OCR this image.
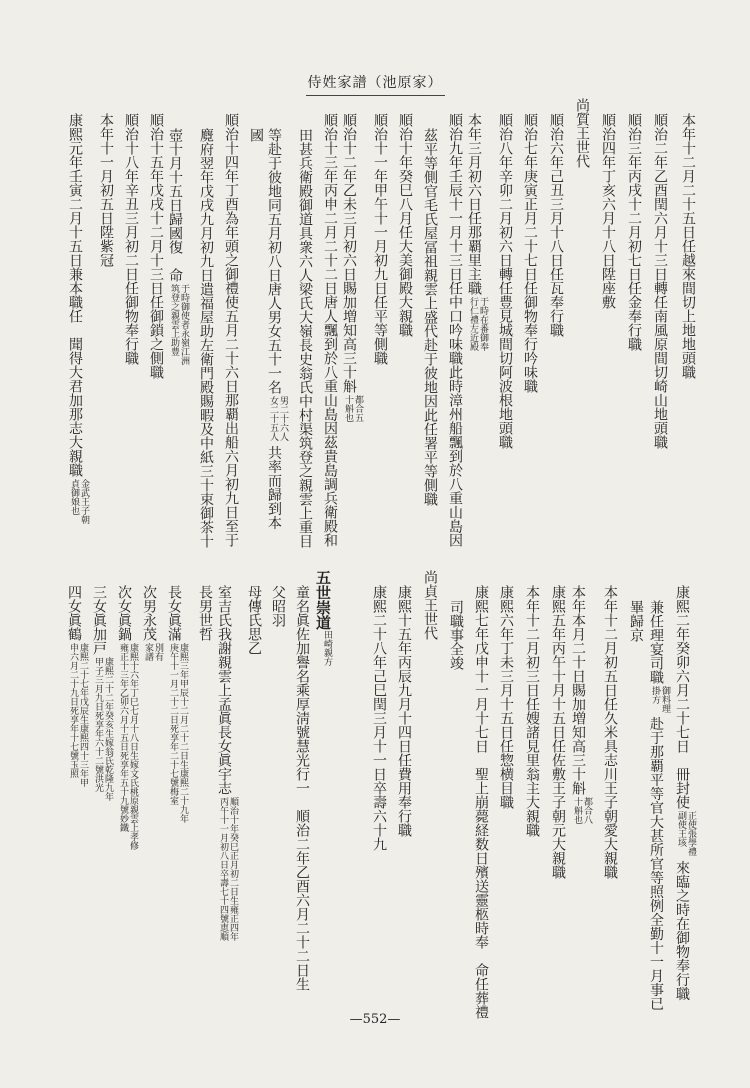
侍姓家譜（池原家）
本年十二月二十五日任越來間切上地地頭職
順治二年乙酉閏六月十三日轉任南風原間切崎山地頭職
順治三年丙戌十二月初七日任金奉行職
順治四年丁亥六月十八日陞座敷
尚質王世代
順治六年己丑三月十八日任瓦奉行職
順治七年庚寅正月二十七日任御物奉行吟味職
順治八年辛卯二月初六日轉任豊見城間切阿波根地頭職
本年三月初六日任那覇里主職于時在番御奉行仁禮左近殿
順治九年壬辰十一月十三日任中口吟味職此時漳州船飄到於八重山島因
茲平等側官毛氏屋冨祖親雲上盛代赴于彼地因此任署平等側職
順治十年癸巳八月任大美御殿大親職
順治十一年甲午十一月初九日任平等側職
順治十二年乙未三月初六日賜加増知高三十斛都合五十斛也
順治十三年丙申二月二十二日唐人飄到於八重山島因茲貴島調兵衛殿和
田甚兵衛殿御道具衆六人梁氏大嶺長史翁氏中村渠筑登之親雲上重目
等赴于彼地同五月初八日唐人男女五十一名男二十六人女二十五人共率而歸到本
國
順治十四年丁酉為年頭之御禮使五月二十六日那覇出船六月初九日至于
麑府翌年戊戌九月初九日遣福屋助左衛門殿賜暇及中紙三十束御茶十
壺十月十五日歸國復　命于時御使者永嶺江洲筑登之親雲上助豊
順治十五年戊戌十二月十三日任御鎖之側職
順治十八年辛丑三月初二日任御物奉行職
本年十一月初五日陞紫冠
康熙元年壬寅二月十五日兼本職任　聞得大君加那志大親職金武王子朝貞御娘也
康熙二年癸卯六月二十七日　冊封使正使張學禮副使王垓來臨之時在御物奉行職
兼任理宴司職御料理掛方赴于那覇平等官大甚所官等照例全勤十一月事已
畢歸京
本年十二月初五日任久米具志川王子朝愛大親職
本年本月二十日賜加増知高三十斛都合八十斛也
康熙五年丙午十月十五日任佐敷王子朝元大親職
本年十二月初三日任嫂諸見里翁主大親職
康熙六年丁未三月十五日任惣横目職
康熙七年戊申十一月十七日　聖上崩薨経数日殯送靈柩時奉　命任葬禮
司職事全竣
尚貞王世代
康熙十五年丙辰九月十四日任費用奉行職
康熙二十八年己巳閏三月十一日卒壽六十九
五世崇道田崎親方
童名眞佐加譽名乘厚淸號慧光行一　順治二年乙酉六月二十二日生
父昭羽
母傳氏思乙
室吉氏我謝親雲上孟眞長女眞宇志順治十年癸巳正月初二日生雍正四年丙午十一月初八日卒壽七十四號恵順
長男世哲
長女眞滿康熙三年甲辰十二月二十二日生康熙二十九年庚午十一月二十二日死享年二十七號梅室
次男永茂別有家譜
次女眞鍋康熙十六年丁巳七月十八日生嫁文氏桃原親雲上孝修雍正十三年乙卯六月十五日死享年五十九號妙鐵
三女眞加戸康熙二十二年癸亥生嫁翁氏乾隆九年甲子三月九日死享年六十二號洪光
四女眞鶴康熙二十七年戊辰生康熙四十三年甲申六月二十九日死享年十七號玉照
—552—
